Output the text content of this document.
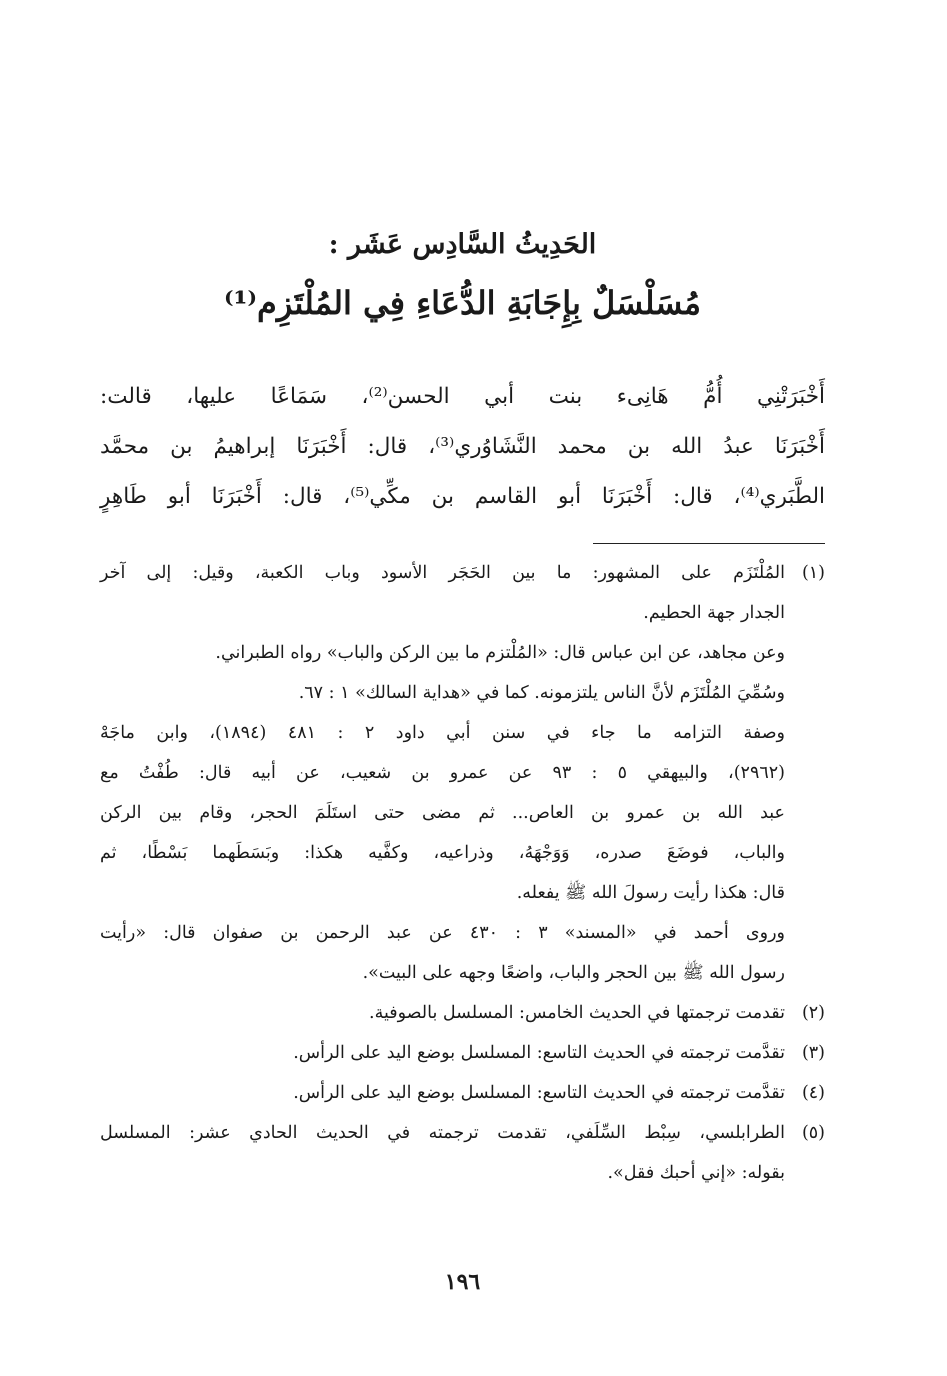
الحَدِيثُ السَّادِس عَشَر :
مُسَلْسَلٌ بِإِجَابَةِ الدُّعَاءِ فِي المُلْتَزِم⁽¹⁾
أَخْبَرَتْنِي أُمُّ هَانِىء بنت أبي الحسن⁽²⁾، سَمَاعًا عليها، قالت:
أَخْبَرَنَا عبدُ الله بن محمد النَّشَاوُري⁽³⁾، قال: أَخْبَرَنَا إبراهيمُ بن محمَّد
الطَّبَري⁽⁴⁾، قال: أَخْبَرَنَا أبو القاسم بن مكِّي⁽⁵⁾، قال: أَخْبَرَنَا أبو طَاهِرٍ
(١)
المُلْتَزَم على المشهور: ما بين الحَجَر الأسود وباب الكعبة، وقيل: إلى آخر
الجدار جهة الحطيم.
وعن مجاهد، عن ابن عباس قال: «المُلْتزم ما بين الركن والباب» رواه الطبراني.
وسُمِّيَ المُلْتَزَم لأنَّ الناس يلتزمونه. كما في «هداية السالك» ١ : ٦٧.
وصفة التزامه ما جاء في سنن أبي داود ٢ : ٤٨١ (١٨٩٤)، وابن ماجَهْ
(٢٩٦٢)، والبيهقي ٥ : ٩٣ عن عمرو بن شعيب، عن أبيه قال: طُفْتُ مع
عبد الله بن عمرو بن العاص... ثم مضى حتى استَلَمَ الحجر، وقام بين الركن
والباب، فوضَعَ صدره، وَوَجْهَهُ، وذراعيه، وكفَّيه هكذا: وبَسَطَهما بَسْطًا، ثم
قال: هكذا رأيت رسولَ الله ﷺ يفعله.
وروى أحمد في «المسند» ٣ : ٤٣٠ عن عبد الرحمن بن صفوان قال: «رأيت
رسول الله ﷺ بين الحجر والباب، واضعًا وجهه على البيت».
(٢)
تقدمت ترجمتها في الحديث الخامس: المسلسل بالصوفية.
(٣)
تقدَّمت ترجمته في الحديث التاسع: المسلسل بوضع اليد على الرأس.
(٤)
تقدَّمت ترجمته في الحديث التاسع: المسلسل بوضع اليد على الرأس.
(٥)
الطرابلسي، سِبْط السِّلَفي، تقدمت ترجمته في الحديث الحادي عشر: المسلسل
بقوله: «إني أحبك فقل».
١٩٦
